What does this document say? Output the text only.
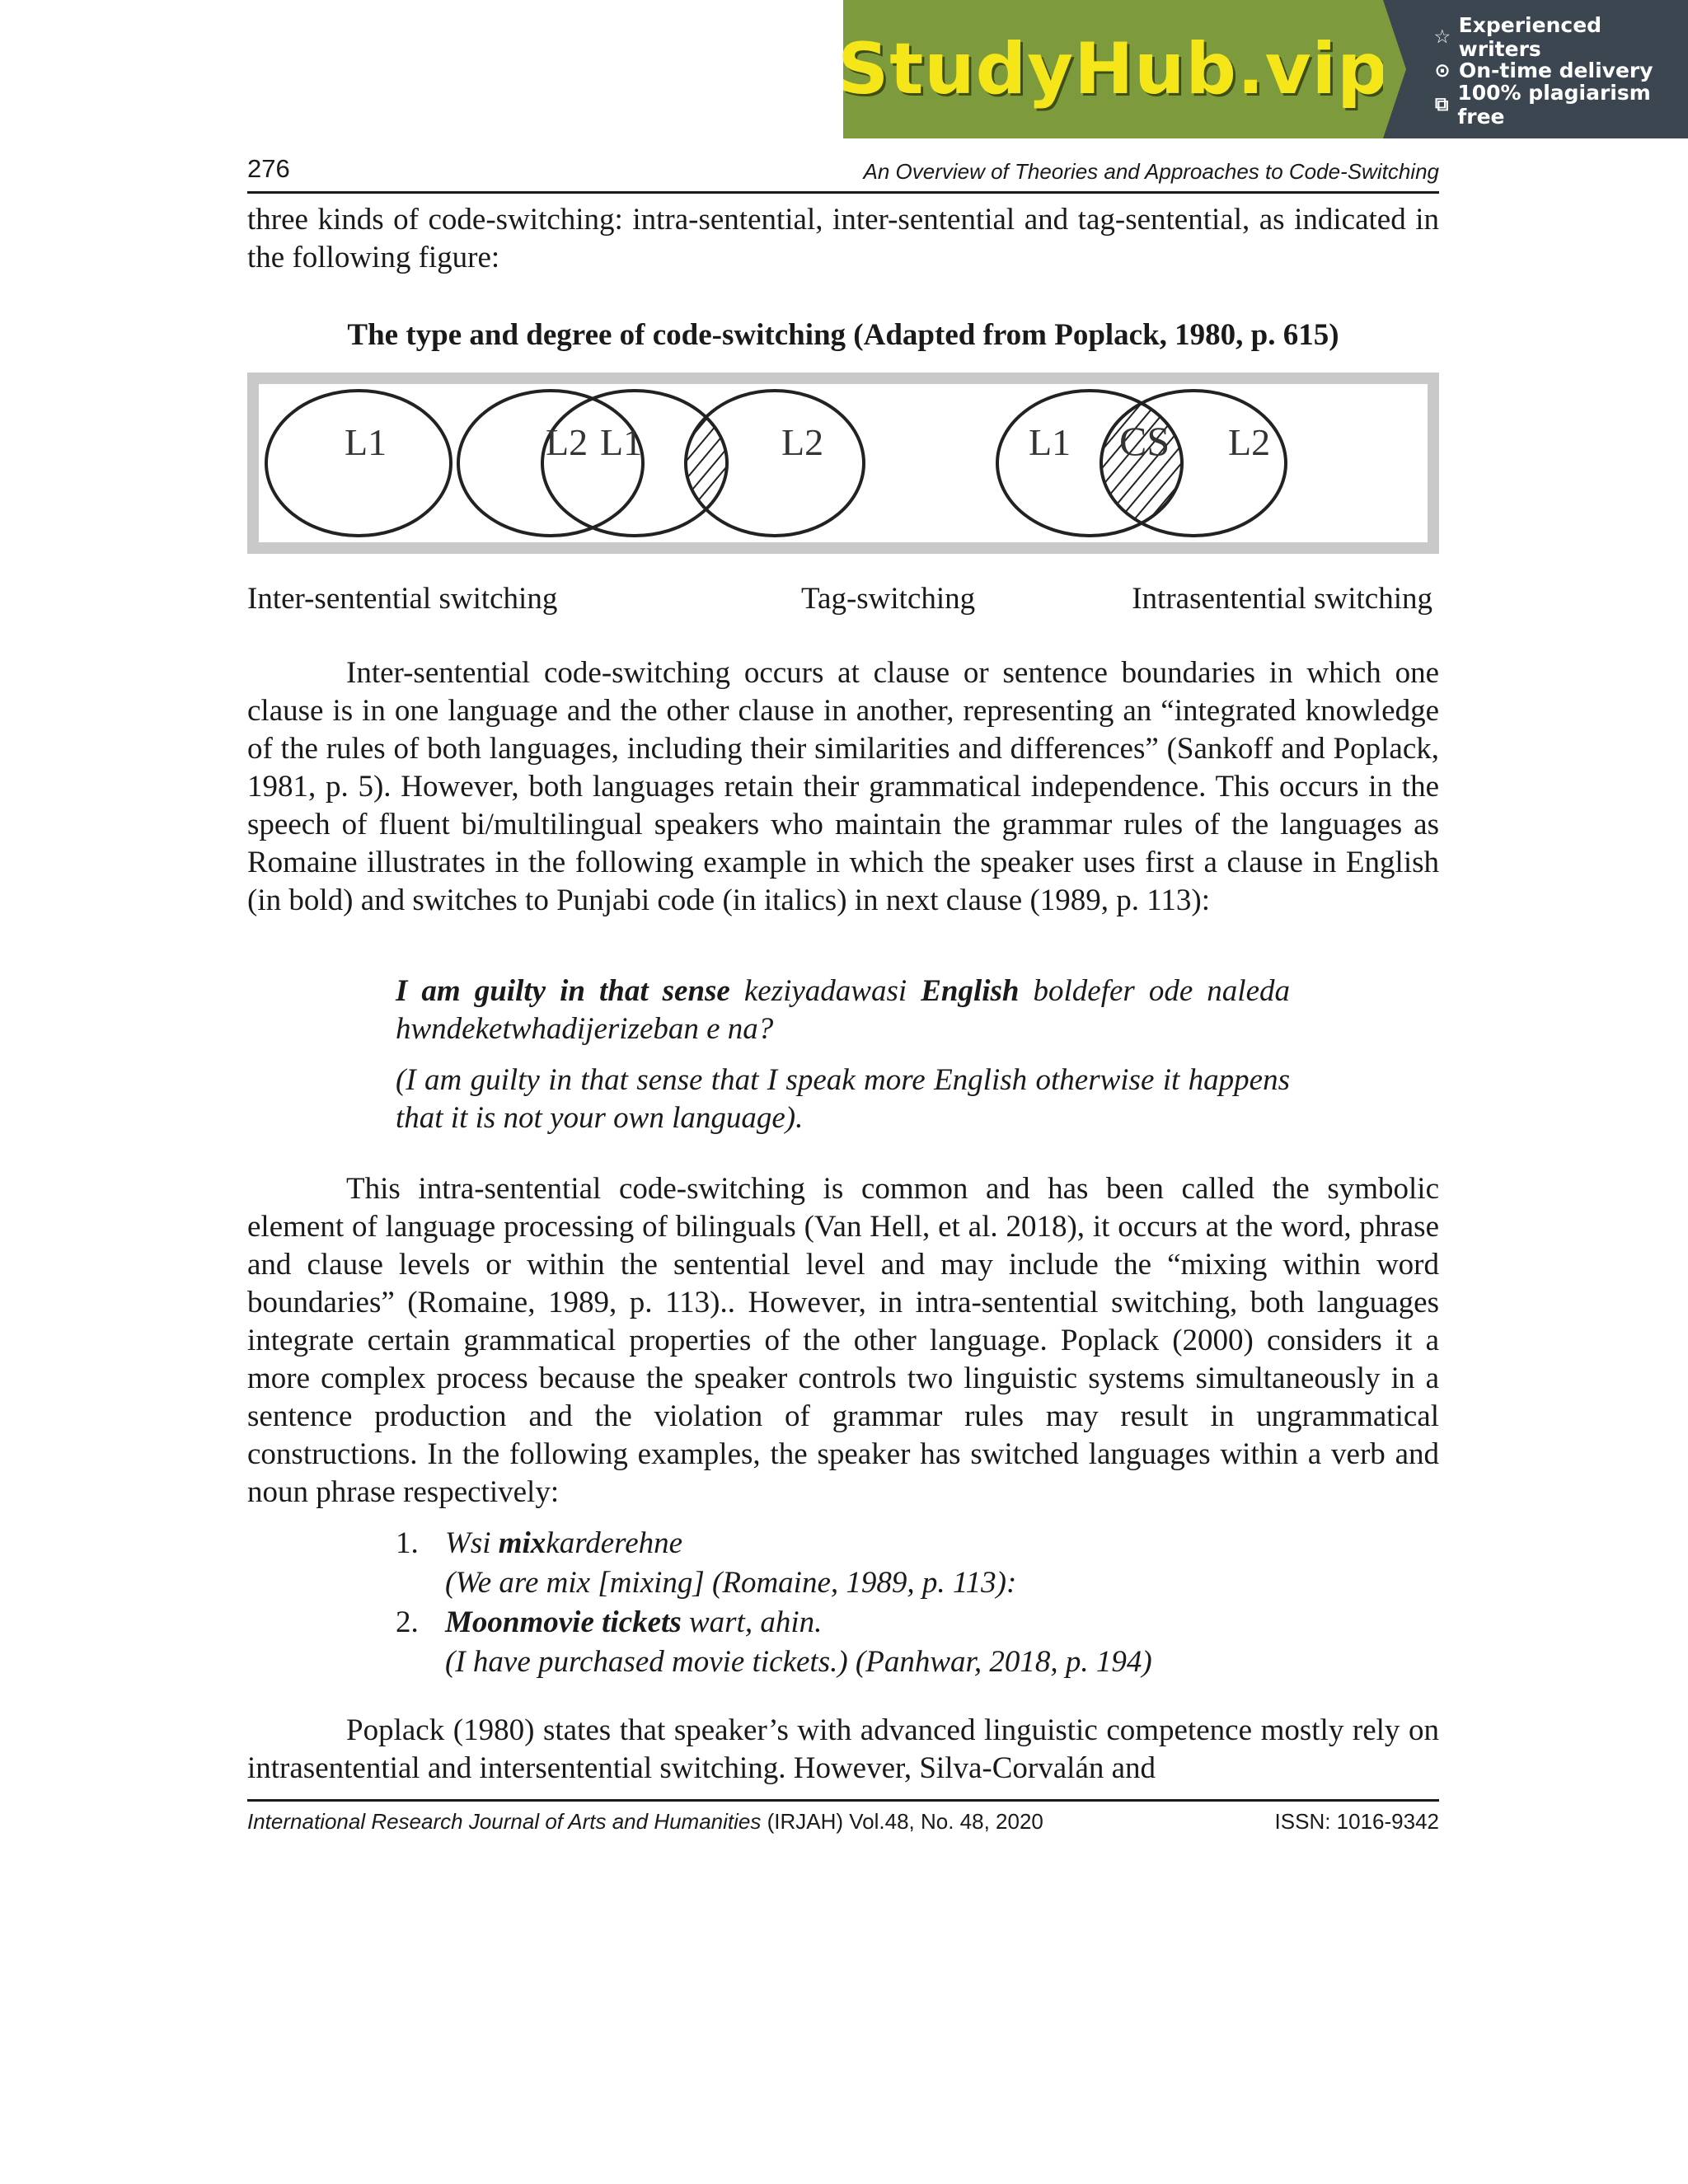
StudyHub.vip ☆ Experienced writers
⊙ On-time delivery
⧉ 100% plagiarism free
276	An Overview of Theories and Approaches to Code-Switching
three kinds of code-switching: intra-sentential, inter-sentential and tag-sentential, as indicated in the following figure:
The type and degree of code-switching (Adapted from Poplack, 1980, p. 615)
L1	L2 L1	L2	L1 CS L2
Inter-sentential switching	Tag-switching	Intrasentential switching
Inter-sentential code-switching occurs at clause or sentence boundaries in which one clause is in one language and the other clause in another, representing an “integrated knowledge of the rules of both languages, including their similarities and differences” (Sankoff and Poplack, 1981, p. 5). However, both languages retain their grammatical independence. This occurs in the speech of fluent bi/multilingual speakers who maintain the grammar rules of the languages as Romaine illustrates in the following example in which the speaker uses first a clause in English (in bold) and switches to Punjabi code (in italics) in next clause (1989, p. 113):
I am guilty in that sense keziyadawasi English boldefer ode naleda hwndeketwhadijerizeban e na?
(I am guilty in that sense that I speak more English otherwise it happens that it is not your own language).
This intra-sentential code-switching is common and has been called the symbolic element of language processing of bilinguals (Van Hell, et al. 2018), it occurs at the word, phrase and clause levels or within the sentential level and may include the “mixing within word boundaries” (Romaine, 1989, p. 113).. However, in intra-sentential switching, both languages integrate certain grammatical properties of the other language. Poplack (2000) considers it a more complex process because the speaker controls two linguistic systems simultaneously in a sentence production and the violation of grammar rules may result in ungrammatical constructions. In the following examples, the speaker has switched languages within a verb and noun phrase respectively:
1. Wsi mixkarderehne
(We are mix [mixing] (Romaine, 1989, p. 113):
2. Moonmovie tickets wart, ahin.
(I have purchased movie tickets.) (Panhwar, 2018, p. 194)
Poplack (1980) states that speaker’s with advanced linguistic competence mostly rely on intrasentential and intersentential switching. However, Silva-Corvalán and
International Research Journal of Arts and Humanities (IRJAH) Vol.48, No. 48, 2020	ISSN: 1016-9342
